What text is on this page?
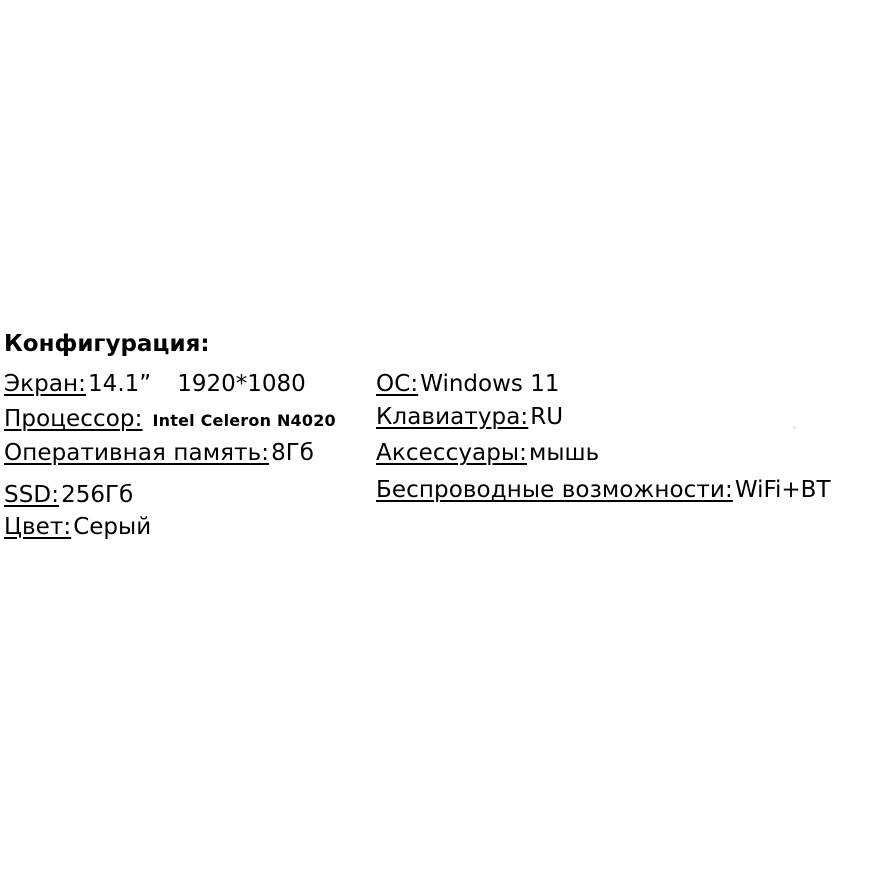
Конфигурация:
Экран:14.1” 1920*1080
Процессор: Intel Celeron N4020
Оперативная память:8Гб
SSD:256Гб
Цвет:Серый
ОС:Windows 11
Клавиатура:RU
Аксессуары:мышь
Беспроводные возможности:WiFi+BT
